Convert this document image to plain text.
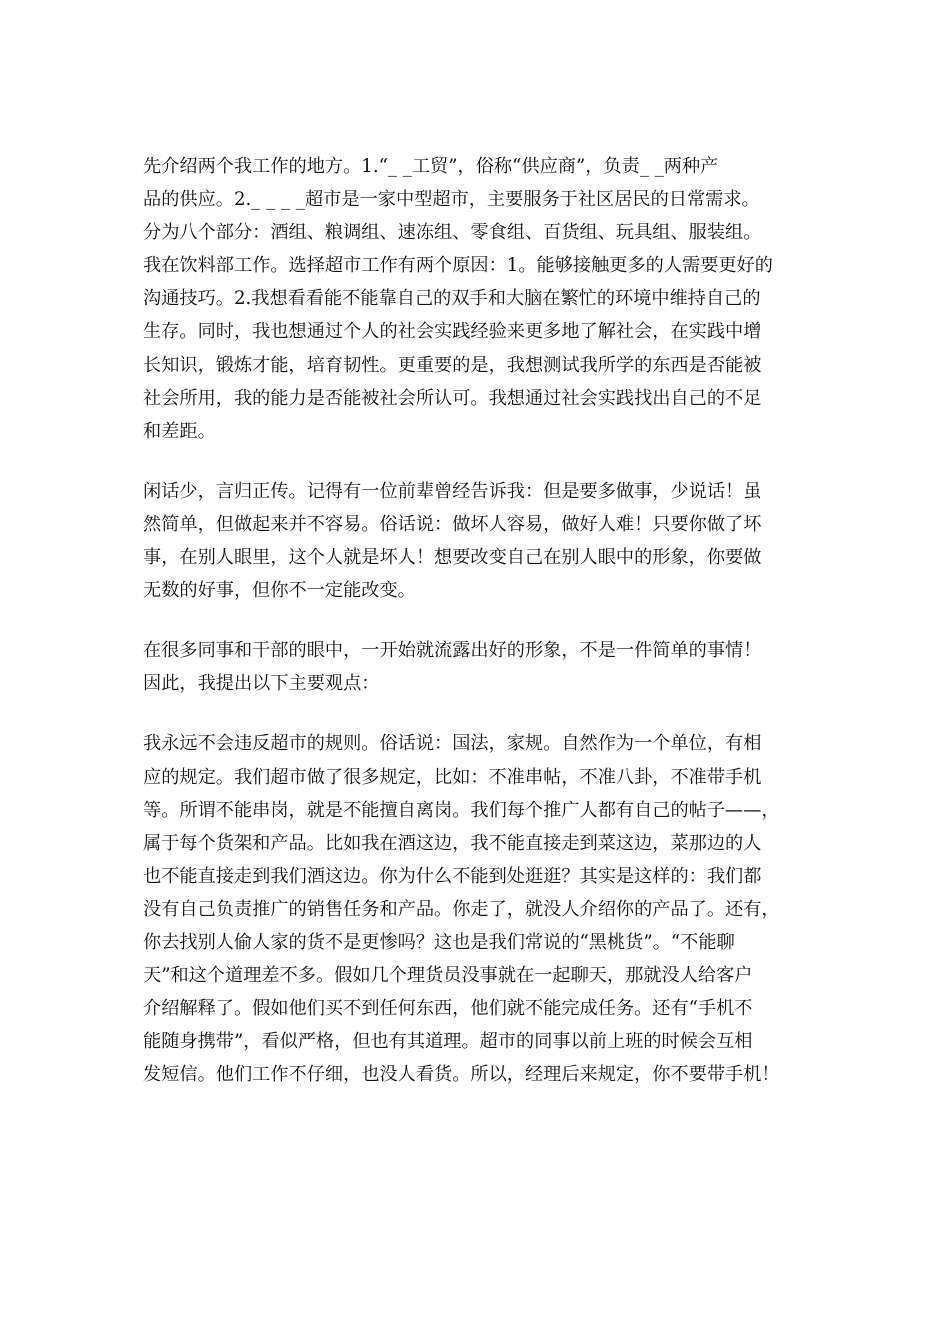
先介绍两个我工作的地方。1.“_ _工贸”，俗称“供应商”，负责_ _两种产
品的供应。2._ _ _ _超市是一家中型超市，主要服务于社区居民的日常需求。
分为八个部分：酒组、粮调组、速冻组、零食组、百货组、玩具组、服装组。
我在饮料部工作。选择超市工作有两个原因：1。能够接触更多的人需要更好的
沟通技巧。2.我想看看能不能靠自己的双手和大脑在繁忙的环境中维持自己的
生存。同时，我也想通过个人的社会实践经验来更多地了解社会，在实践中增
长知识，锻炼才能，培育韧性。更重要的是，我想测试我所学的东西是否能被
社会所用，我的能力是否能被社会所认可。我想通过社会实践找出自己的不足
和差距。

闲话少，言归正传。记得有一位前辈曾经告诉我：但是要多做事，少说话！虽
然简单，但做起来并不容易。俗话说：做坏人容易，做好人难！只要你做了坏
事，在别人眼里，这个人就是坏人！想要改变自己在别人眼中的形象，你要做
无数的好事，但你不一定能改变。

在很多同事和干部的眼中，一开始就流露出好的形象，不是一件简单的事情！
因此，我提出以下主要观点：

我永远不会违反超市的规则。俗话说：国法，家规。自然作为一个单位，有相
应的规定。我们超市做了很多规定，比如：不准串帖，不准八卦，不准带手机
等。所谓不能串岗，就是不能擅自离岗。我们每个推广人都有自己的帖子——，
属于每个货架和产品。比如我在酒这边，我不能直接走到菜这边，菜那边的人
也不能直接走到我们酒这边。你为什么不能到处逛逛？其实是这样的：我们都
没有自己负责推广的销售任务和产品。你走了，就没人介绍你的产品了。还有，
你去找别人偷人家的货不是更惨吗？这也是我们常说的“黑桃货”。“不能聊
天”和这个道理差不多。假如几个理货员没事就在一起聊天，那就没人给客户
介绍解释了。假如他们买不到任何东西，他们就不能完成任务。还有“手机不
能随身携带”，看似严格，但也有其道理。超市的同事以前上班的时候会互相
发短信。他们工作不仔细，也没人看货。所以，经理后来规定，你不要带手机！
